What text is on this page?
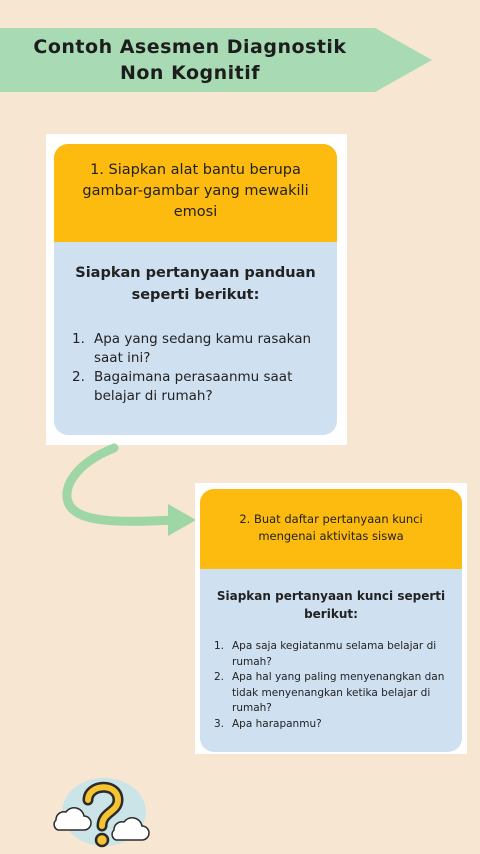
Contoh Asesmen Diagnostik
Non Kognitif
1. Siapkan alat bantu berupa gambar-gambar yang mewakili emosi
Siapkan pertanyaan panduan seperti berikut:
1. Apa yang sedang kamu rasakan saat ini?
2. Bagaimana perasaanmu saat belajar di rumah?
2. Buat daftar pertanyaan kunci mengenai aktivitas siswa
Siapkan pertanyaan kunci seperti berikut:
1. Apa saja kegiatanmu selama belajar di rumah?
2. Apa hal yang paling menyenangkan dan tidak menyenangkan ketika belajar di rumah?
3. Apa harapanmu?
